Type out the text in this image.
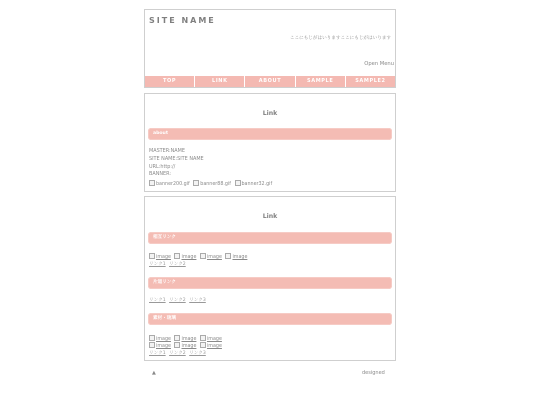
SITE NAME
ここにもじがはいりますここにもじがはいります
Open Menu
TOP	LINK	ABOUT	SAMPLE	SAMPLE2
Link
about
MASTER:NAME
SITE NAME:SITE NAME
URL:http://
BANNER:
banner200.gif banner88.gif banner32.gif
Link
相互リンク
image image image image
リンク1 リンク2
片道リンク
リンク1 リンク2 リンク3
素材・琉璃
image image image
image image image
リンク1 リンク2 リンク3
▲	designed
